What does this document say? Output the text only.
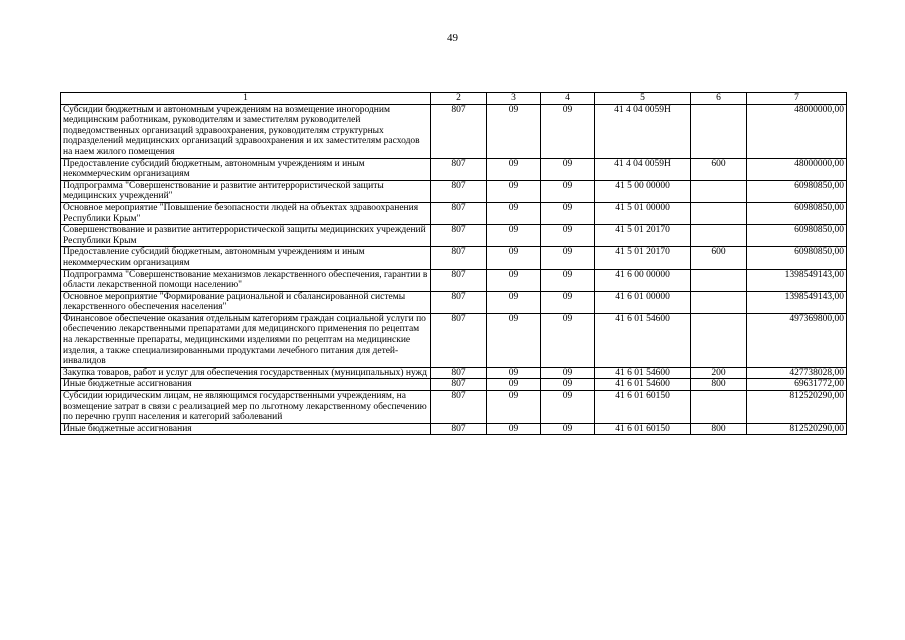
49
1	2	3	4	5	6	7
Субсидии бюджетным и автономным учреждениям на возмещение иногородним медицинским работникам, руководителям и заместителям руководителей подведомственных организаций здравоохранения, руководителям структурных подразделений медицинских организаций здравоохранения и их заместителям расходов на наем жилого помещения	807	09	09	41 4 04 0059Н		48000000,00
Предоставление субсидий бюджетным, автономным учреждениям и иным некоммерческим организациям	807	09	09	41 4 04 0059Н	600	48000000,00
Подпрограмма "Совершенствование и развитие антитеррористической защиты медицинских учреждений"	807	09	09	41 5 00 00000		60980850,00
Основное мероприятие "Повышение безопасности людей на объектах здравоохранения Республики Крым"	807	09	09	41 5 01 00000		60980850,00
Совершенствование и развитие антитеррористической защиты медицинских учреждений Республики Крым	807	09	09	41 5 01 20170		60980850,00
Предоставление субсидий бюджетным, автономным учреждениям и иным некоммерческим организациям	807	09	09	41 5 01 20170	600	60980850,00
Подпрограмма "Совершенствование механизмов лекарственного обеспечения, гарантии в области лекарственной помощи населению"	807	09	09	41 6 00 00000		1398549143,00
Основное мероприятие "Формирование рациональной и сбалансированной системы лекарственного обеспечения населения"	807	09	09	41 6 01 00000		1398549143,00
Финансовое обеспечение оказания отдельным категориям граждан социальной услуги по обеспечению лекарственными препаратами для медицинского применения по рецептам на лекарственные препараты, медицинскими изделиями по рецептам на медицинские изделия, а также специализированными продуктами лечебного питания для детей-инвалидов	807	09	09	41 6 01 54600		497369800,00
Закупка товаров, работ и услуг для обеспечения государственных (муниципальных) нужд	807	09	09	41 6 01 54600	200	427738028,00
Иные бюджетные ассигнования	807	09	09	41 6 01 54600	800	69631772,00
Субсидии юридическим лицам, не являющимся государственными учреждениям, на возмещение затрат в связи с реализацией мер по льготному лекарственному обеспечению по перечню групп населения и категорий заболеваний	807	09	09	41 6 01 60150		812520290,00
Иные бюджетные ассигнования	807	09	09	41 6 01 60150	800	812520290,00
